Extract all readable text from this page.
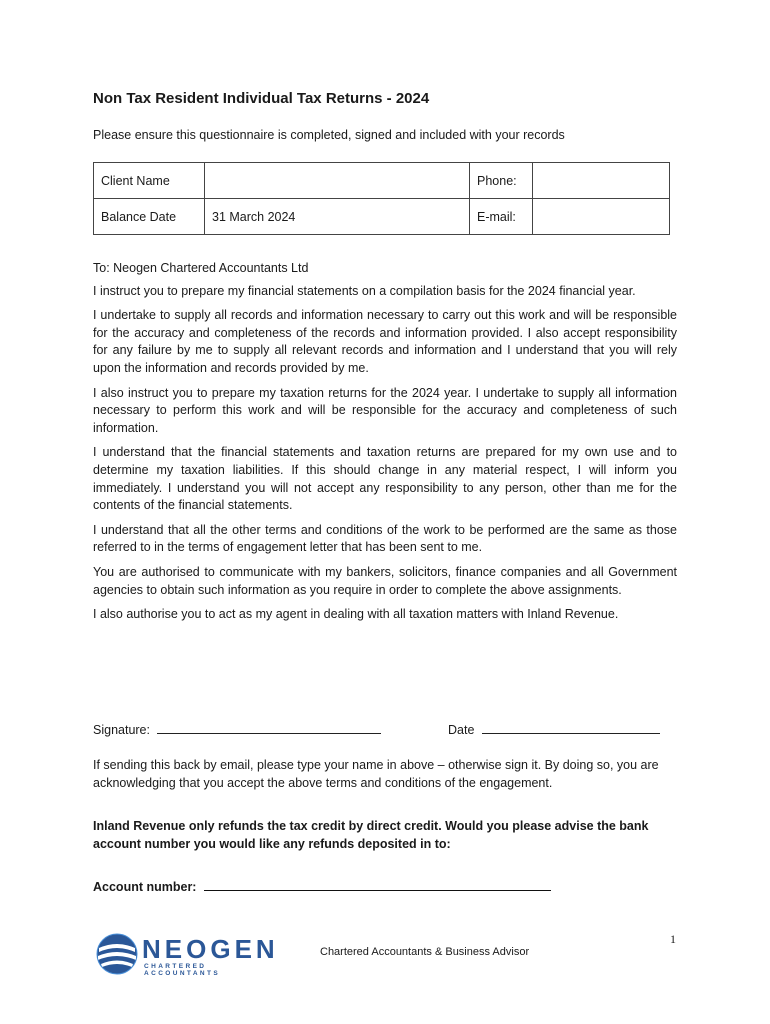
Non Tax Resident Individual Tax Returns - 2024
Please ensure this questionnaire is completed, signed and included with your records
Client Name		Phone:	
Balance Date	31 March 2024	E-mail:	

To: Neogen Chartered Accountants Ltd

I instruct you to prepare my financial statements on a compilation basis for the 2024 financial year.

I undertake to supply all records and information necessary to carry out this work and will be responsible for the accuracy and completeness of the records and information provided. I also accept responsibility for any failure by me to supply all relevant records and information and I understand that you will rely upon the information and records provided by me.

I also instruct you to prepare my taxation returns for the 2024 year. I undertake to supply all information necessary to perform this work and will be responsible for the accuracy and completeness of such information.

I understand that the financial statements and taxation returns are prepared for my own use and to determine my taxation liabilities. If this should change in any material respect, I will inform you immediately. I understand you will not accept any responsibility to any person, other than me for the contents of the financial statements.

I understand that all the other terms and conditions of the work to be performed are the same as those referred to in the terms of engagement letter that has been sent to me.

You are authorised to communicate with my bankers, solicitors, finance companies and all Government agencies to obtain such information as you require in order to complete the above assignments.

I also authorise you to act as my agent in dealing with all taxation matters with Inland Revenue.

Signature:	Date
If sending this back by email, please type your name in above – otherwise sign it. By doing so, you are acknowledging that you accept the above terms and conditions of the engagement.
Inland Revenue only refunds the tax credit by direct credit. Would you please advise the bank account number you would like any refunds deposited in to:
Account number:
NEOGEN
CHARTERED ACCOUNTANTS
1
Chartered Accountants & Business Advisor
